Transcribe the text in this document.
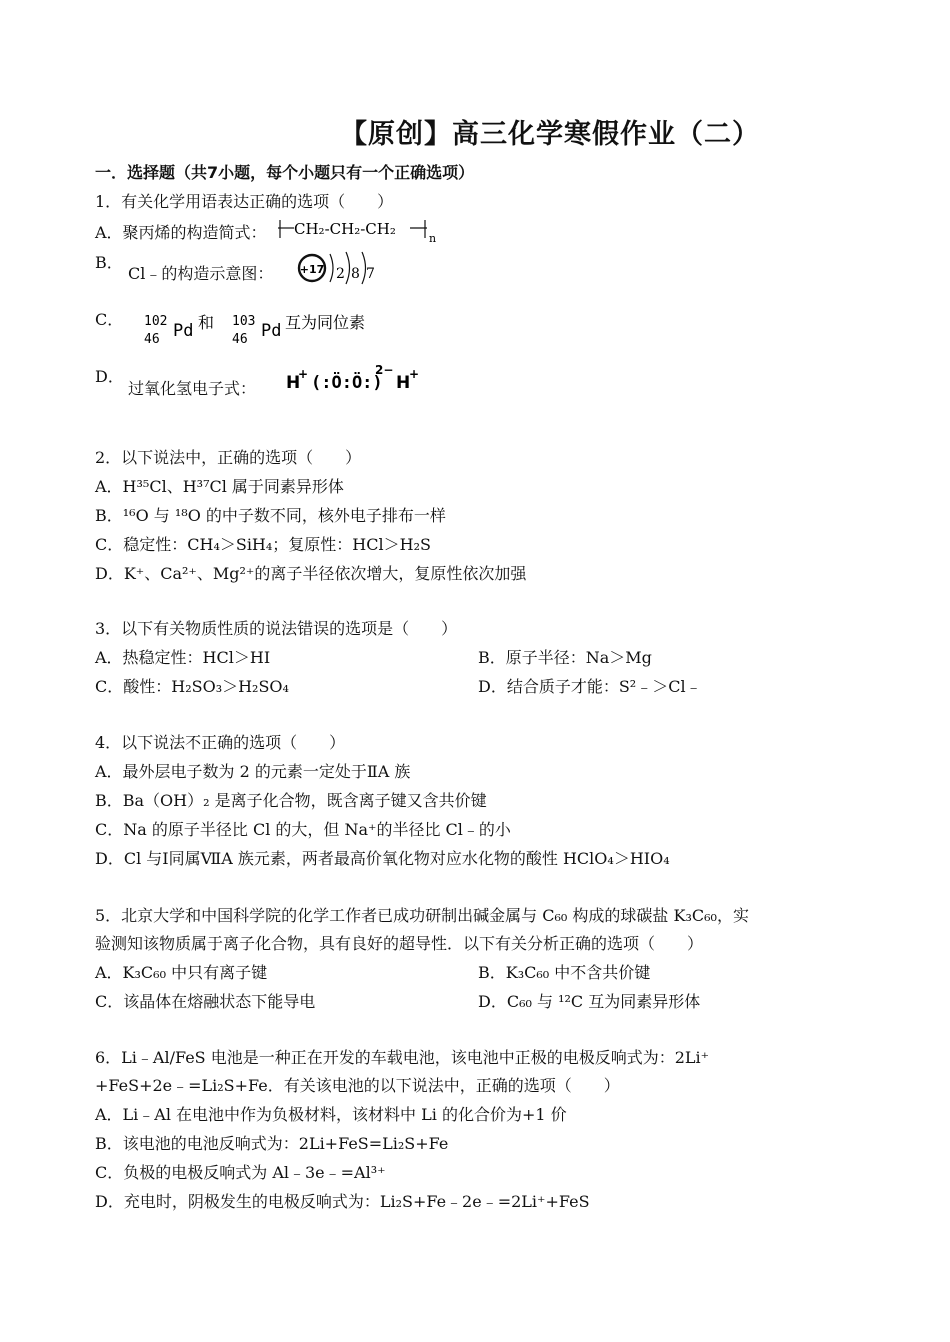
【原创】高三化学寒假作业（二）
一．选择题（共7小题，每个小题只有一个正确选项）
1．有关化学用语表达正确的选项（　　）
A．聚丙烯的构造简式： CH₂-CH₂-CH₂
n
B．
Cl﹣的构造示意图： +17 2 8 7
C． 102
46 Pd 和 103
46 Pd 互为同位素
D．
过氧化氢电子式： H
+ (:Ö:Ö:)
2−
H
+
2．以下说法中，正确的选项（　　）
A．H³⁵Cl、H³⁷Cl 属于同素异形体
B．¹⁶O 与 ¹⁸O 的中子数不同，核外电子排布一样
C．稳定性：CH₄＞SiH₄；复原性：HCl＞H₂S
D．K⁺、Ca²⁺、Mg²⁺的离子半径依次增大，复原性依次加强
3．以下有关物质性质的说法错误的选项是（　　）
A．热稳定性：HCl＞HI	B．原子半径：Na＞Mg
C．酸性：H₂SO₃＞H₂SO₄	D．结合质子才能：S²﹣＞Cl﹣
4．以下说法不正确的选项（　　）
A．最外层电子数为 2 的元素一定处于ⅡA 族
B．Ba（OH）₂ 是离子化合物，既含离子键又含共价键
C．Na 的原子半径比 Cl 的大，但 Na⁺的半径比 Cl﹣的小
D．Cl 与Ⅰ同属ⅦA 族元素，两者最高价氧化物对应水化物的酸性 HClO₄＞HIO₄
5．北京大学和中国科学院的化学工作者已成功研制出碱金属与 C₆₀ 构成的球碳盐 K₃C₆₀，实
验测知该物质属于离子化合物，具有良好的超导性．以下有关分析正确的选项（　　）
A．K₃C₆₀ 中只有离子键	B．K₃C₆₀ 中不含共价键
C．该晶体在熔融状态下能导电	D．C₆₀ 与 ¹²C 互为同素异形体
6．Li﹣Al/FeS 电池是一种正在开发的车载电池，该电池中正极的电极反响式为：2Li⁺
+FeS+2e﹣=Li₂S+Fe．有关该电池的以下说法中，正确的选项（　　）
A．Li﹣Al 在电池中作为负极材料，该材料中 Li 的化合价为+1 价
B．该电池的电池反响式为：2Li+FeS=Li₂S+Fe
C．负极的电极反响式为 Al﹣3e﹣=Al³⁺
D．充电时，阴极发生的电极反响式为：Li₂S+Fe﹣2e﹣=2Li⁺+FeS
